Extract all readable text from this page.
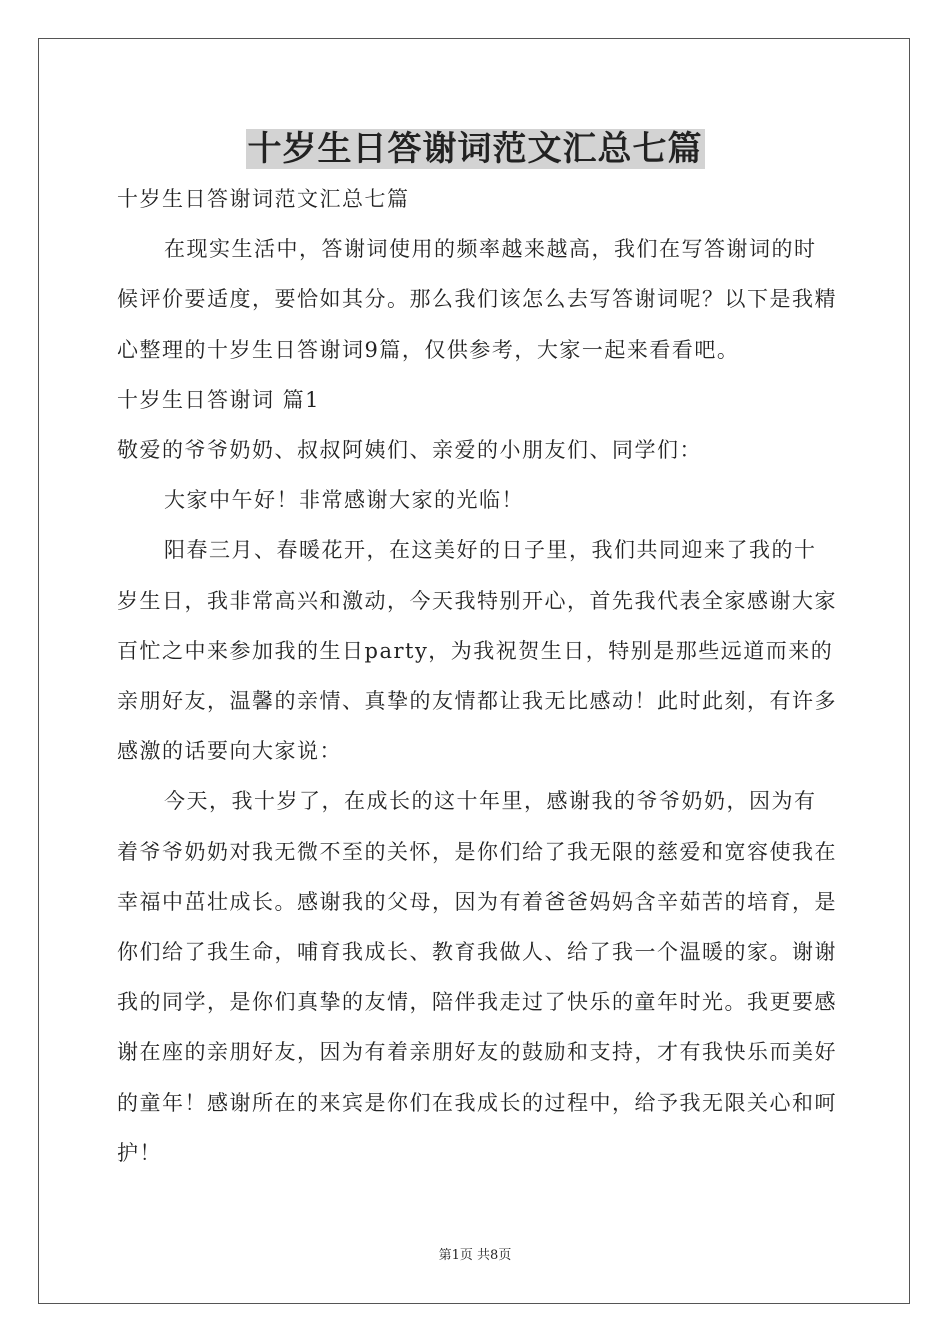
十岁生日答谢词范文汇总七篇

十岁生日答谢词范文汇总七篇

在现实生活中，答谢词使用的频率越来越高，我们在写答谢词的时候评价要适度，要恰如其分。那么我们该怎么去写答谢词呢？以下是我精心整理的十岁生日答谢词9篇，仅供参考，大家一起来看看吧。

十岁生日答谢词 篇1

敬爱的爷爷奶奶、叔叔阿姨们、亲爱的小朋友们、同学们：

大家中午好！非常感谢大家的光临！

阳春三月、春暖花开，在这美好的日子里，我们共同迎来了我的十岁生日，我非常高兴和激动，今天我特别开心，首先我代表全家感谢大家百忙之中来参加我的生日party，为我祝贺生日，特别是那些远道而来的亲朋好友，温馨的亲情、真挚的友情都让我无比感动！此时此刻，有许多感激的话要向大家说：

今天，我十岁了，在成长的这十年里，感谢我的爷爷奶奶，因为有着爷爷奶奶对我无微不至的关怀，是你们给了我无限的慈爱和宽容使我在幸福中茁壮成长。感谢我的父母，因为有着爸爸妈妈含辛茹苦的培育，是你们给了我生命，哺育我成长、教育我做人、给了我一个温暖的家。谢谢我的同学，是你们真挚的友情，陪伴我走过了快乐的童年时光。我更要感谢在座的亲朋好友，因为有着亲朋好友的鼓励和支持，才有我快乐而美好的童年！感谢所在的来宾是你们在我成长的过程中，给予我无限关心和呵护！

第1页 共8页
